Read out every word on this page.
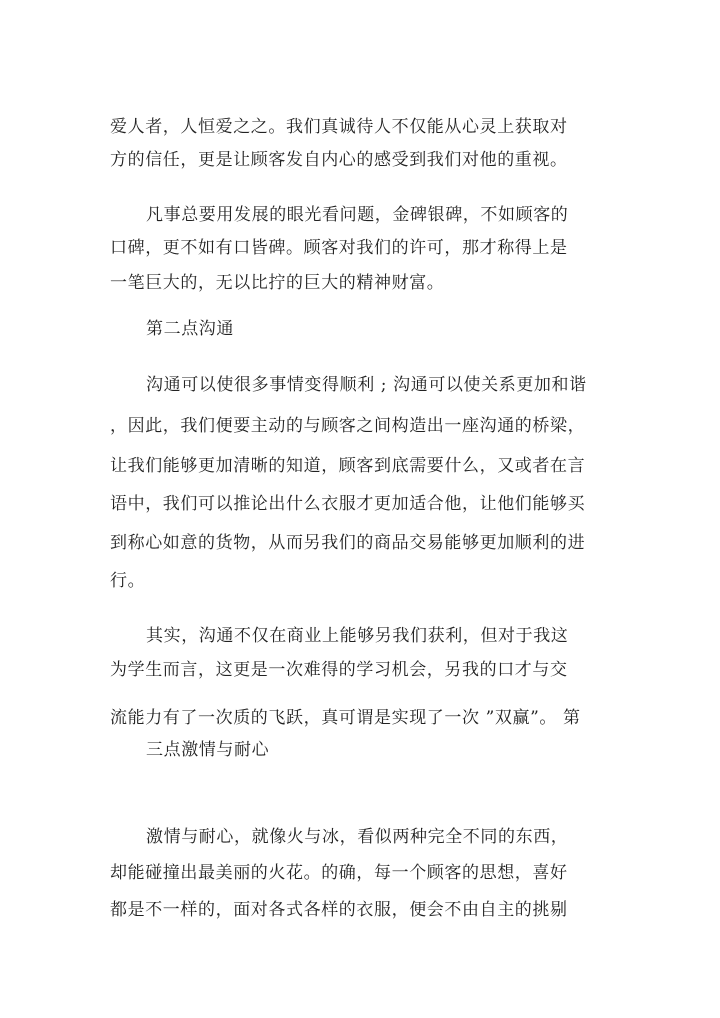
爱人者，人恒爱之之。我们真诚待人不仅能从心灵上获取对
方的信任，更是让顾客发自内心的感受到我们对他的重视。
凡事总要用发展的眼光看问题，金碑银碑，不如顾客的
口碑，更不如有口皆碑。顾客对我们的许可，那才称得上是
一笔巨大的，无以比拧的巨大的精神财富。
第二点沟通
沟通可以使很多事情变得顺利 ; 沟通可以使关系更加和谐
，因此，我们便要主动的与顾客之间构造出一座沟通的桥梁，
让我们能够更加清晰的知道，顾客到底需要什么，又或者在言
语中，我们可以推论出什么衣服才更加适合他，让他们能够买
到称心如意的货物，从而另我们的商品交易能够更加顺利的进
行。
其实，沟通不仅在商业上能够另我们获利，但对于我这
为学生而言，这更是一次难得的学习机会，另我的口才与交
流能力有了一次质的飞跃，真可谓是实现了一次 ”双赢”。 第
三点激情与耐心
激情与耐心，就像火与冰，看似两种完全不同的东西，
却能碰撞出最美丽的火花。的确，每一个顾客的思想，喜好
都是不一样的，面对各式各样的衣服，便会不由自主的挑剔
